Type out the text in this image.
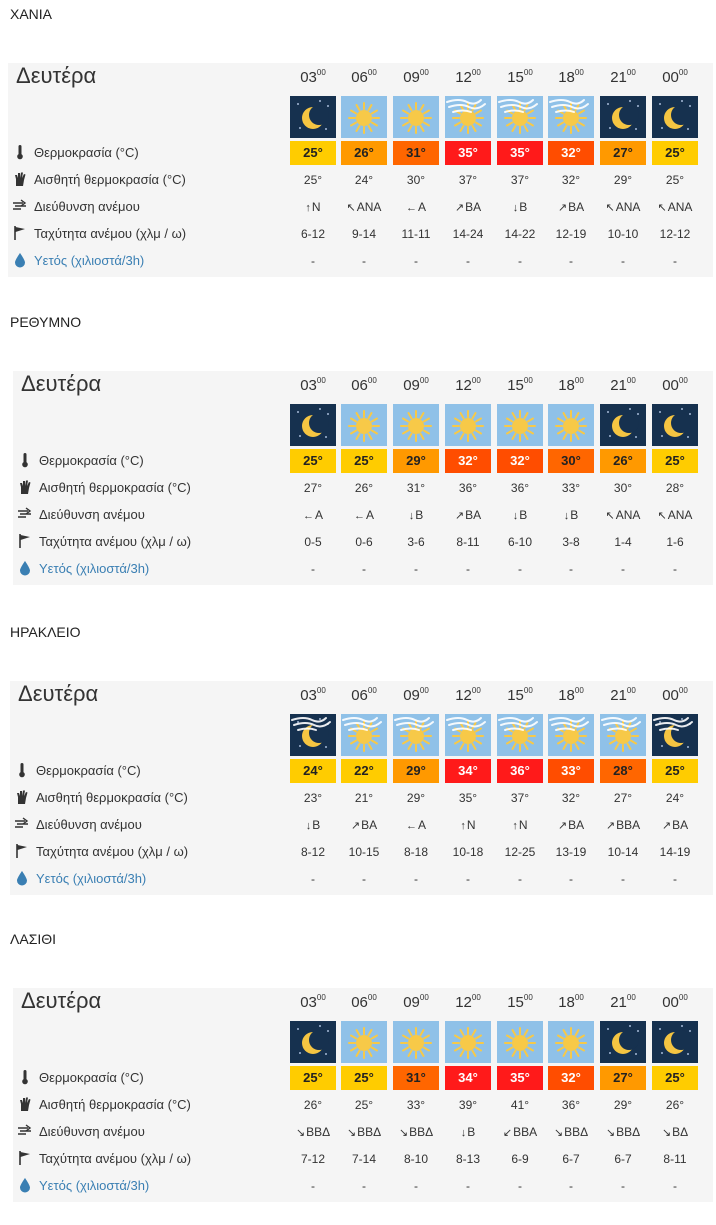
ΧΑΝΙΑ
Δευτέρα	$03^{00}$	$06^{00}$	$09^{00}$	$12^{00}$	$15^{00}$	$18^{00}$	$21^{00}$	$00^{00}$
Θερμοκρασία (°C)	25°	26°	31°	35°	35°	32°	27°	25°
Αισθητή θερμοκρασία (°C)	25°	24°	30°	37°	37°	32°	29°	25°
Διεύθυνση ανέμου	↑Ν	↖ΑΝΑ	←Α	↗ΒΑ	↓Β	↗ΒΑ	↖ΑΝΑ	↖ΑΝΑ
Ταχύτητα ανέμου (χλμ / ω)	6-12	9-14	11-11	14-24	14-22	12-19	10-10	12-12
Υετός (χιλιοστά/3h)	-	-	-	-	-	-	-	-
ΡΕΘΥΜΝΟ
Δευτέρα	$03^{00}$	$06^{00}$	$09^{00}$	$12^{00}$	$15^{00}$	$18^{00}$	$21^{00}$	$00^{00}$
Θερμοκρασία (°C)	25°	25°	29°	32°	32°	30°	26°	25°
Αισθητή θερμοκρασία (°C)	27°	26°	31°	36°	36°	33°	30°	28°
Διεύθυνση ανέμου	←Α	←Α	↓Β	↗ΒΑ	↓Β	↓Β	↖ΑΝΑ	↖ΑΝΑ
Ταχύτητα ανέμου (χλμ / ω)	0-5	0-6	3-6	8-11	6-10	3-8	1-4	1-6
Υετός (χιλιοστά/3h)	-	-	-	-	-	-	-	-
ΗΡΑΚΛΕΙΟ
Δευτέρα	$03^{00}$	$06^{00}$	$09^{00}$	$12^{00}$	$15^{00}$	$18^{00}$	$21^{00}$	$00^{00}$
Θερμοκρασία (°C)	24°	22°	29°	34°	36°	33°	28°	25°
Αισθητή θερμοκρασία (°C)	23°	21°	29°	35°	37°	32°	27°	24°
Διεύθυνση ανέμου	↓Β	↗ΒΑ	←Α	↑Ν	↑Ν	↗ΒΑ	↗ΒΒΑ	↗ΒΑ
Ταχύτητα ανέμου (χλμ / ω)	8-12	10-15	8-18	10-18	12-25	13-19	10-14	14-19
Υετός (χιλιοστά/3h)	-	-	-	-	-	-	-	-
ΛΑΣΙΘΙ
Δευτέρα	$03^{00}$	$06^{00}$	$09^{00}$	$12^{00}$	$15^{00}$	$18^{00}$	$21^{00}$	$00^{00}$
Θερμοκρασία (°C)	25°	25°	31°	34°	35°	32°	27°	25°
Αισθητή θερμοκρασία (°C)	26°	25°	33°	39°	41°	36°	29°	26°
Διεύθυνση ανέμου	↘ΒΒΔ	↘ΒΒΔ	↘ΒΒΔ	↓Β	↙ΒΒΑ	↘ΒΒΔ	↘ΒΒΔ	↘ΒΔ
Ταχύτητα ανέμου (χλμ / ω)	7-12	7-14	8-10	8-13	6-9	6-7	6-7	8-11
Υετός (χιλιοστά/3h)	-	-	-	-	-	-	-	-
